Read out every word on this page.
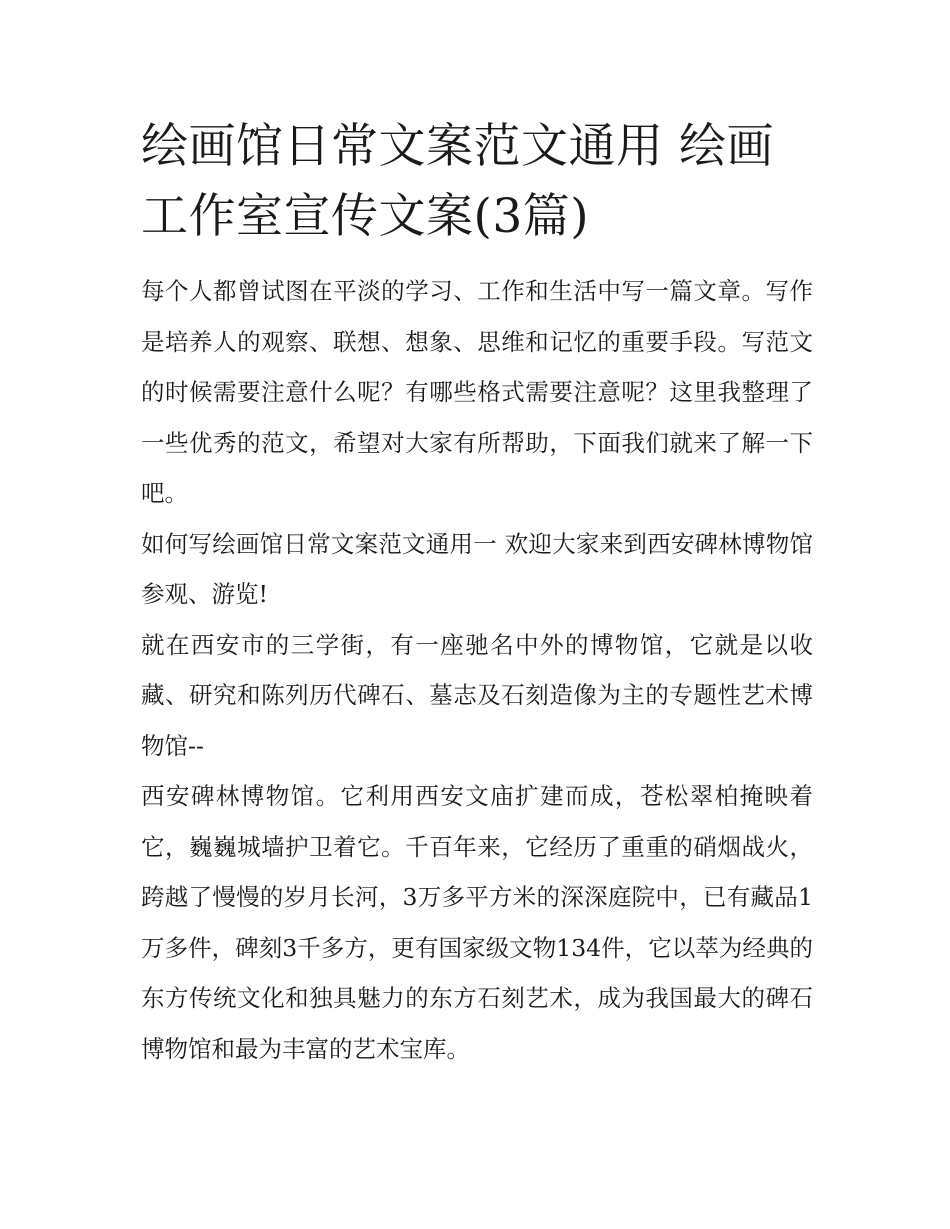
绘画馆日常文案范文通用 绘画工作室宣传文案(3篇)

每个人都曾试图在平淡的学习、工作和生活中写一篇文章。写作是培养人的观察、联想、想象、思维和记忆的重要手段。写范文的时候需要注意什么呢？有哪些格式需要注意呢？这里我整理了一些优秀的范文，希望对大家有所帮助，下面我们就来了解一下吧。

如何写绘画馆日常文案范文通用一 欢迎大家来到西安碑林博物馆参观、游览!

就在西安市的三学街，有一座驰名中外的博物馆，它就是以收藏、研究和陈列历代碑石、墓志及石刻造像为主的专题性艺术博物馆--

西安碑林博物馆。它利用西安文庙扩建而成，苍松翠柏掩映着它，巍巍城墙护卫着它。千百年来，它经历了重重的硝烟战火，跨越了慢慢的岁月长河，3万多平方米的深深庭院中，已有藏品1万多件，碑刻3千多方，更有国家级文物134件，它以萃为经典的东方传统文化和独具魅力的东方石刻艺术，成为我国最大的碑石博物馆和最为丰富的艺术宝库。
